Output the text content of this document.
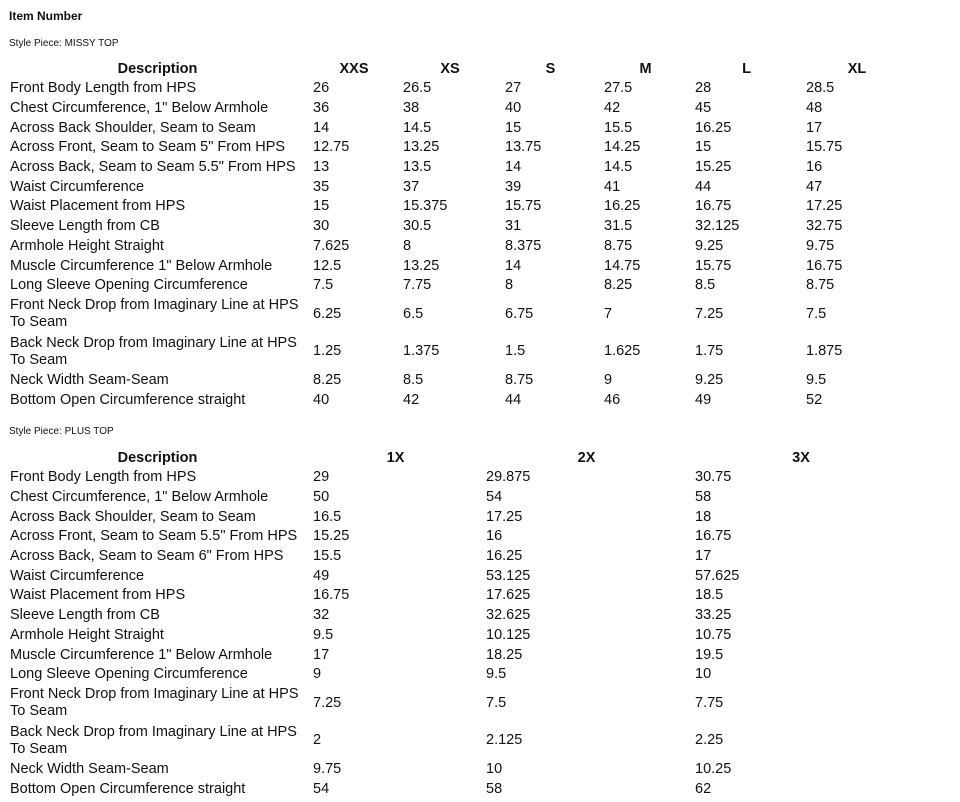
Item Number
Style Piece: MISSY TOP
Description	XXS	XS	S	M	L	XL
Front Body Length from HPS	26	26.5	27	27.5	28	28.5
Chest Circumference, 1" Below Armhole	36	38	40	42	45	48
Across Back Shoulder, Seam to Seam	14	14.5	15	15.5	16.25	17
Across Front, Seam to Seam 5" From HPS	12.75	13.25	13.75	14.25	15	15.75
Across Back, Seam to Seam 5.5" From HPS	13	13.5	14	14.5	15.25	16
Waist Circumference	35	37	39	41	44	47
Waist Placement from HPS	15	15.375	15.75	16.25	16.75	17.25
Sleeve Length from CB	30	30.5	31	31.5	32.125	32.75
Armhole Height Straight	7.625	8	8.375	8.75	9.25	9.75
Muscle Circumference 1" Below Armhole	12.5	13.25	14	14.75	15.75	16.75
Long Sleeve Opening Circumference	7.5	7.75	8	8.25	8.5	8.75
Front Neck Drop from Imaginary Line at HPS To Seam	6.25	6.5	6.75	7	7.25	7.5
Back Neck Drop from Imaginary Line at HPS To Seam	1.25	1.375	1.5	1.625	1.75	1.875
Neck Width Seam-Seam	8.25	8.5	8.75	9	9.25	9.5
Bottom Open Circumference straight	40	42	44	46	49	52
Style Piece: PLUS TOP
Description	1X	2X	3X
Front Body Length from HPS	29	29.875	30.75
Chest Circumference, 1" Below Armhole	50	54	58
Across Back Shoulder, Seam to Seam	16.5	17.25	18
Across Front, Seam to Seam 5.5" From HPS	15.25	16	16.75
Across Back, Seam to Seam 6" From HPS	15.5	16.25	17
Waist Circumference	49	53.125	57.625
Waist Placement from HPS	16.75	17.625	18.5
Sleeve Length from CB	32	32.625	33.25
Armhole Height Straight	9.5	10.125	10.75
Muscle Circumference 1" Below Armhole	17	18.25	19.5
Long Sleeve Opening Circumference	9	9.5	10
Front Neck Drop from Imaginary Line at HPS To Seam	7.25	7.5	7.75
Back Neck Drop from Imaginary Line at HPS To Seam	2	2.125	2.25
Neck Width Seam-Seam	9.75	10	10.25
Bottom Open Circumference straight	54	58	62
